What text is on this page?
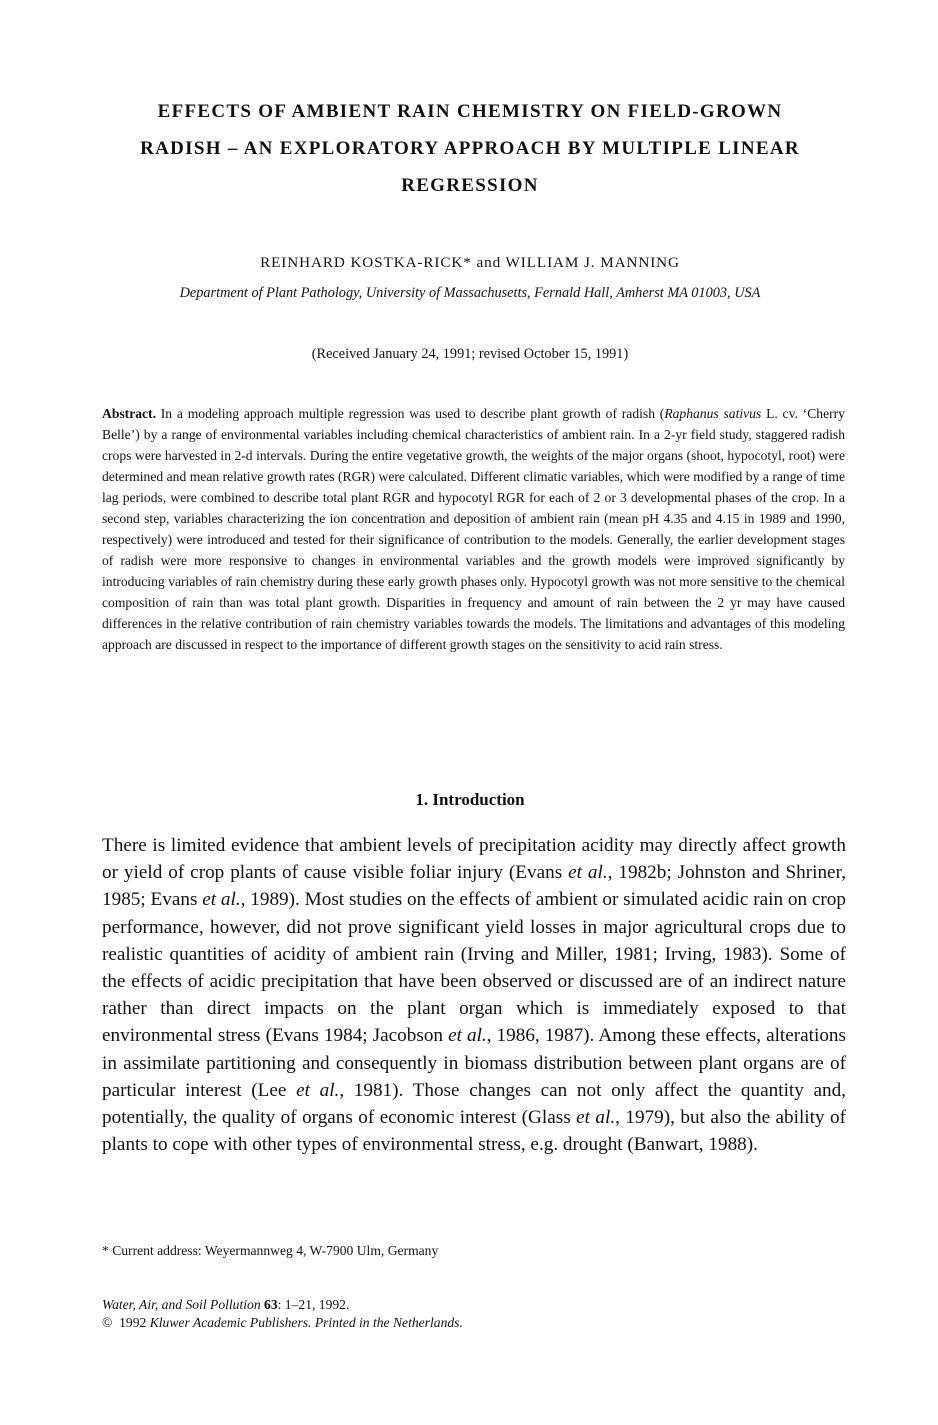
EFFECTS OF AMBIENT RAIN CHEMISTRY ON FIELD-GROWN
RADISH – AN EXPLORATORY APPROACH BY MULTIPLE LINEAR
REGRESSION
REINHARD KOSTKA-RICK* and WILLIAM J. MANNING
Department of Plant Pathology, University of Massachusetts, Fernald Hall, Amherst MA 01003, USA
(Received January 24, 1991; revised October 15, 1991)
Abstract. In a modeling approach multiple regression was used to describe plant growth of radish (Raphanus sativus L. cv. ‘Cherry Belle’) by a range of environmental variables including chemical characteristics of ambient rain. In a 2-yr field study, staggered radish crops were harvested in 2-d intervals. During the entire vegetative growth, the weights of the major organs (shoot, hypocotyl, root) were determined and mean relative growth rates (RGR) were calculated. Different climatic variables, which were modified by a range of time lag periods, were combined to describe total plant RGR and hypocotyl RGR for each of 2 or 3 developmental phases of the crop. In a second step, variables characterizing the ion concentration and deposition of ambient rain (mean pH 4.35 and 4.15 in 1989 and 1990, respectively) were introduced and tested for their significance of contribution to the models. Generally, the earlier development stages of radish were more responsive to changes in environmental variables and the growth models were improved significantly by introducing variables of rain chemistry during these early growth phases only. Hypocotyl growth was not more sensitive to the chemical composition of rain than was total plant growth. Disparities in frequency and amount of rain between the 2 yr may have caused differences in the relative contribution of rain chemistry variables towards the models. The limitations and advantages of this modeling approach are discussed in respect to the importance of different growth stages on the sensitivity to acid rain stress.
1. Introduction
There is limited evidence that ambient levels of precipitation acidity may directly affect growth or yield of crop plants of cause visible foliar injury (Evans et al., 1982b; Johnston and Shriner, 1985; Evans et al., 1989). Most studies on the effects of ambient or simulated acidic rain on crop performance, however, did not prove significant yield losses in major agricultural crops due to realistic quantities of acidity of ambient rain (Irving and Miller, 1981; Irving, 1983). Some of the effects of acidic precipitation that have been observed or discussed are of an indirect nature rather than direct impacts on the plant organ which is immediately exposed to that environmental stress (Evans 1984; Jacobson et al., 1986, 1987). Among these effects, alterations in assimilate partitioning and consequently in biomass distribution between plant organs are of particular interest (Lee et al., 1981). Those changes can not only affect the quantity and, potentially, the quality of organs of economic interest (Glass et al., 1979), but also the ability of plants to cope with other types of environmental stress, e.g. drought (Banwart, 1988).
* Current address: Weyermannweg 4, W-7900 Ulm, Germany
Water, Air, and Soil Pollution 63: 1–21, 1992.
© 1992 Kluwer Academic Publishers. Printed in the Netherlands.
